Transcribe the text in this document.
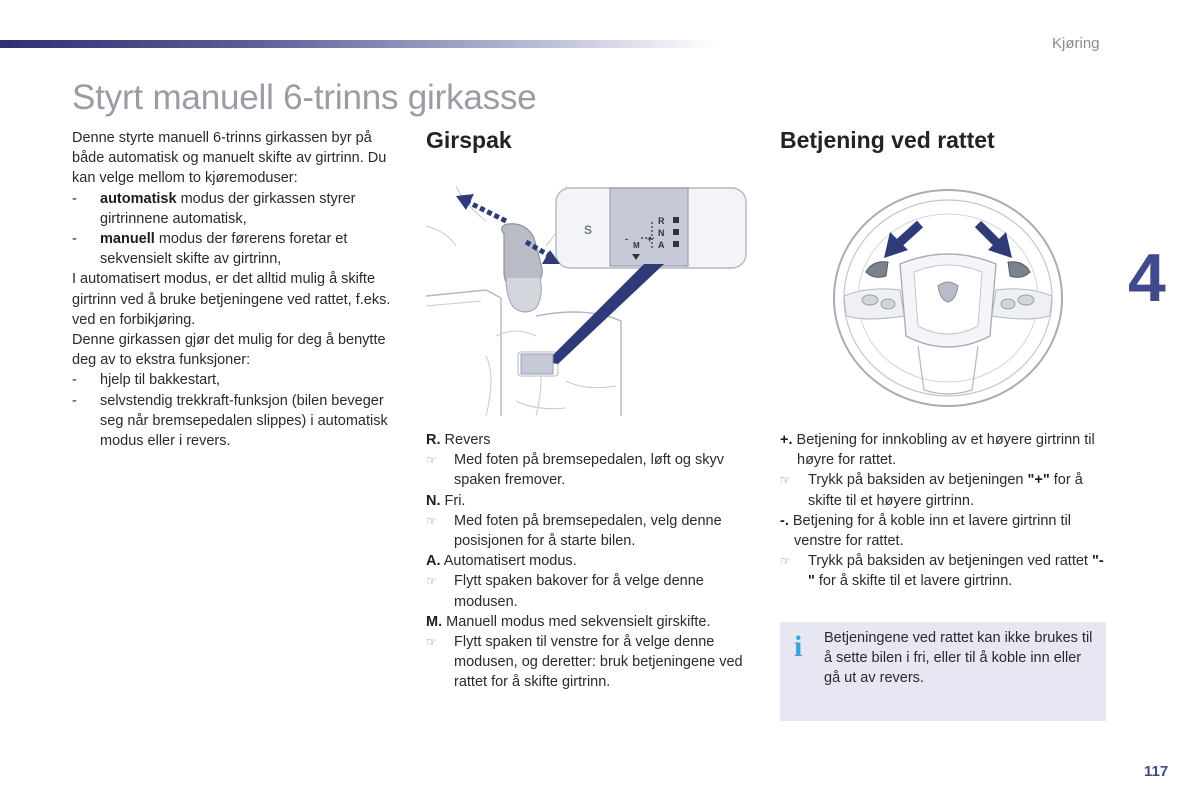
Kjøring
Styrt manuell 6-trinns girkasse
4
117

Denne styrte manuell 6-trinns girkassen byr på både automatisk og manuelt skifte av girtrinn. Du kan velge mellom to kjøremoduser:

-	automatisk modus der girkassen styrer girtrinnene automatisk,
-	manuell modus der førerens foretar et sekvensielt skifte av girtrinn,

I automatisert modus, er det alltid mulig å skifte girtrinn ved å bruke betjeningene ved rattet, f.eks. ved en forbikjøring.

Denne girkassen gjør det mulig for deg å benytte deg av to ekstra funksjoner:

-	hjelp til bakkestart,
-	selvstendig trekkraft-funksjon (bilen beveger seg når bremsepedalen slippes) i automatisk modus eller i revers.
Girspak
S
R
N
A
M
- +

R. Revers

☞	Med foten på bremsepedalen, løft og skyv spaken fremover.

N. Fri.

☞	Med foten på bremsepedalen, velg denne posisjonen for å starte bilen.

A. Automatisert modus.

☞	Flytt spaken bakover for å velge denne modusen.

M. Manuell modus med sekvensielt girskifte.

☞	Flytt spaken til venstre for å velge denne modusen, og deretter: bruk betjeningene ved rattet for å skifte girtrinn.
Betjening ved rattet

+. Betjening for innkobling av et høyere girtrinn til høyre for rattet.

☞	Trykk på baksiden av betjeningen "+" for å skifte til et høyere girtrinn.

-. Betjening for å koble inn et lavere girtrinn til venstre for rattet.

☞	Trykk på baksiden av betjeningen ved rattet "-" for å skifte til et lavere girtrinn.
i Betjeningene ved rattet kan ikke brukes til å sette bilen i fri, eller til å koble inn eller gå ut av revers.
